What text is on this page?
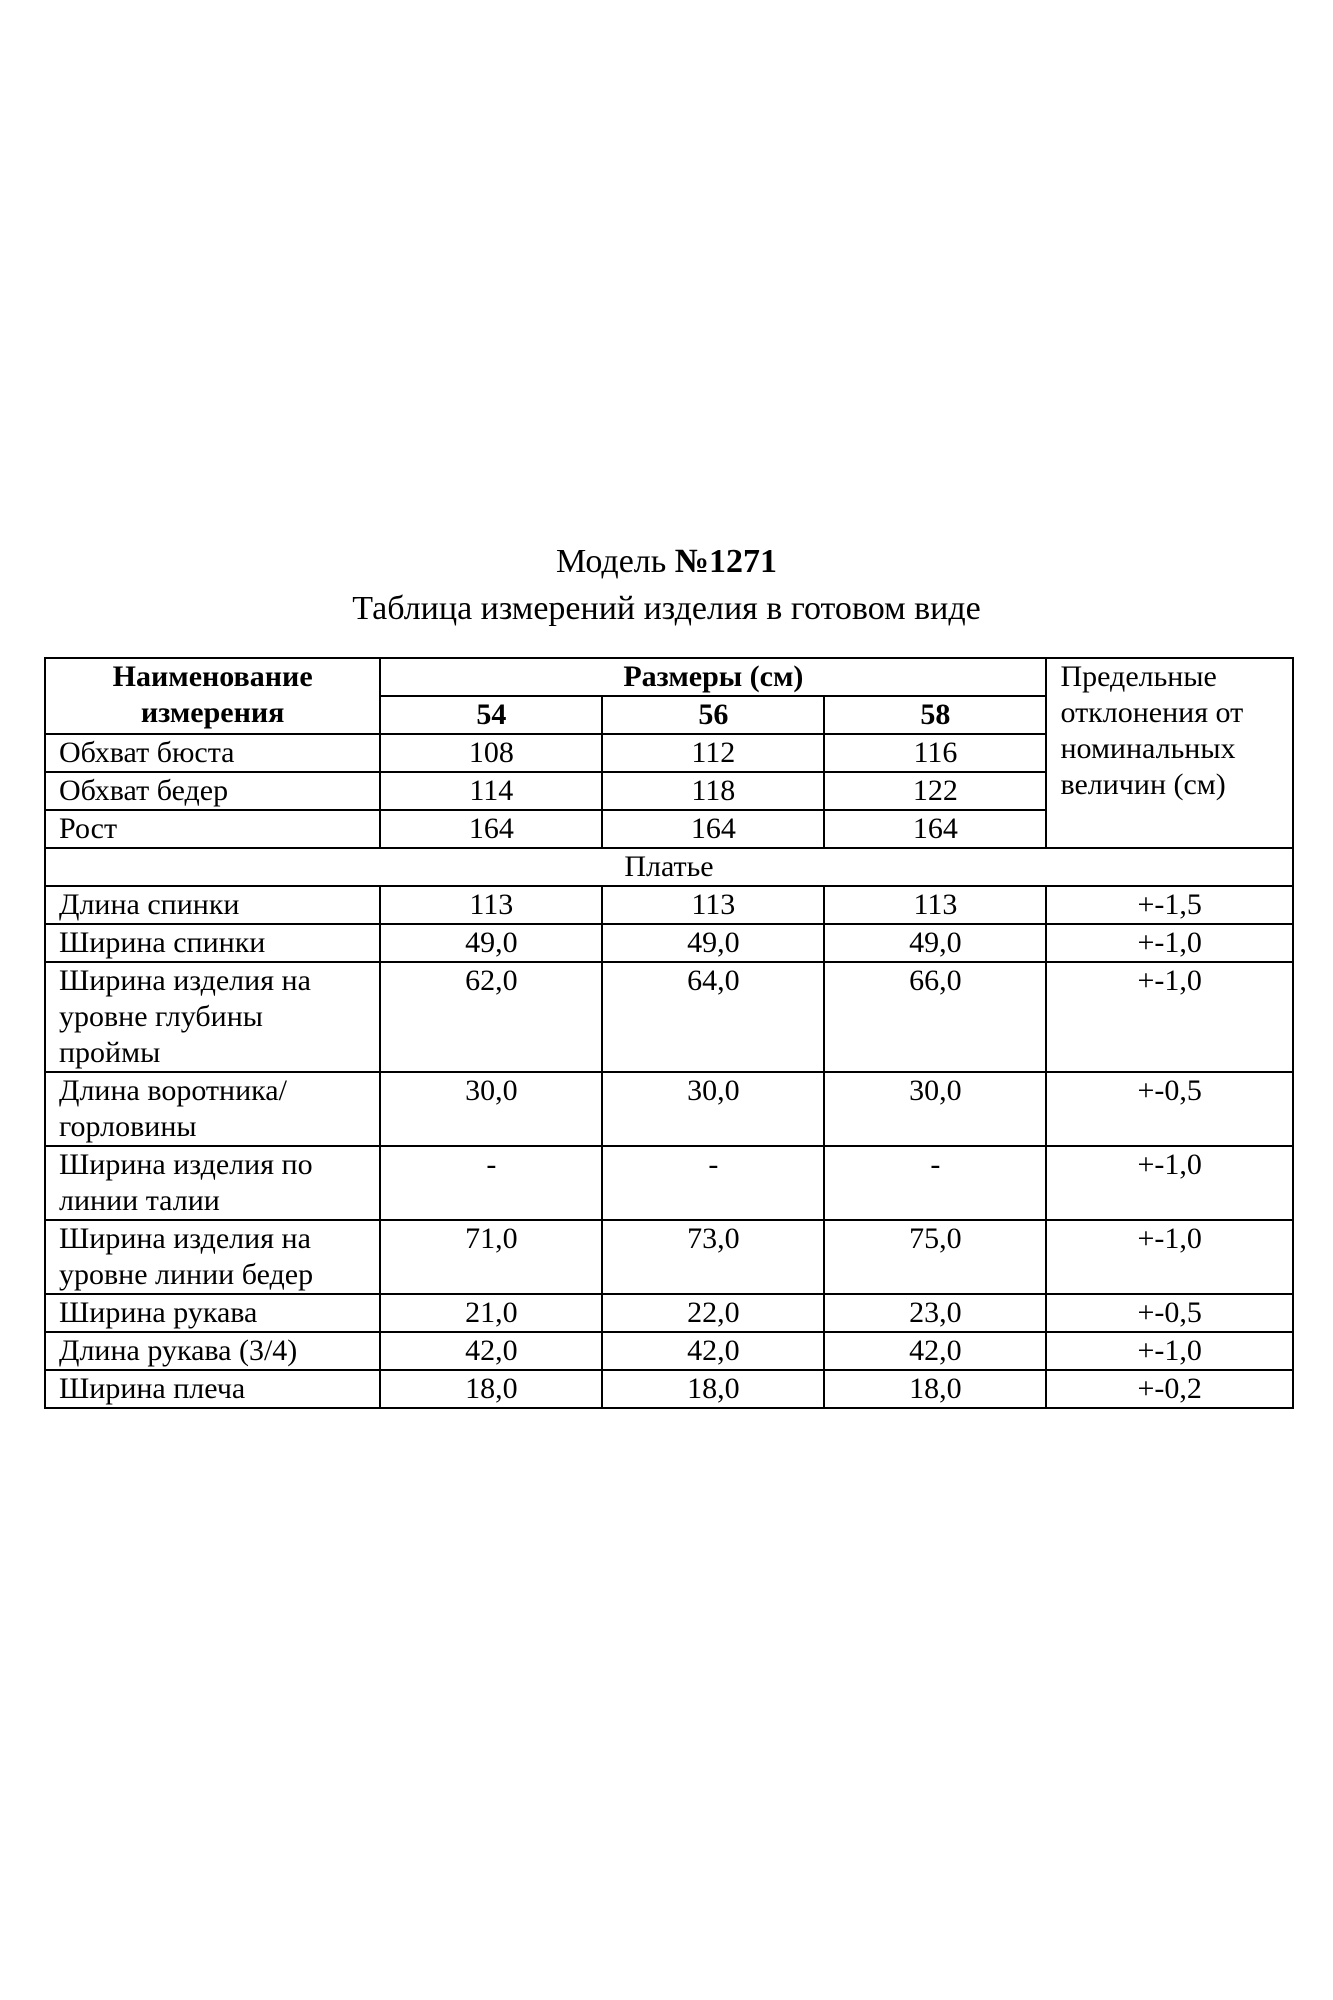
Модель №1271
Таблица измерений изделия в готовом виде
Наименование измерения	Размеры (см)			Предельные отклонения от номинальных величин (см)
	54	56	58	
Обхват бюста	108	112	116	
Обхват бедер	114	118	122	
Рост	164	164	164	
Платье				
Длина спинки	113	113	113	+-1,5
Ширина спинки	49,0	49,0	49,0	+-1,0
Ширина изделия на уровне глубины проймы	62,0	64,0	66,0	+-1,0
Длина воротника/горловины	30,0	30,0	30,0	+-0,5
Ширина изделия по линии талии	-	-	-	+-1,0
Ширина изделия на уровне линии бедер	71,0	73,0	75,0	+-1,0
Ширина рукава	21,0	22,0	23,0	+-0,5
Длина рукава (3/4)	42,0	42,0	42,0	+-1,0
Ширина плеча	18,0	18,0	18,0	+-0,2
